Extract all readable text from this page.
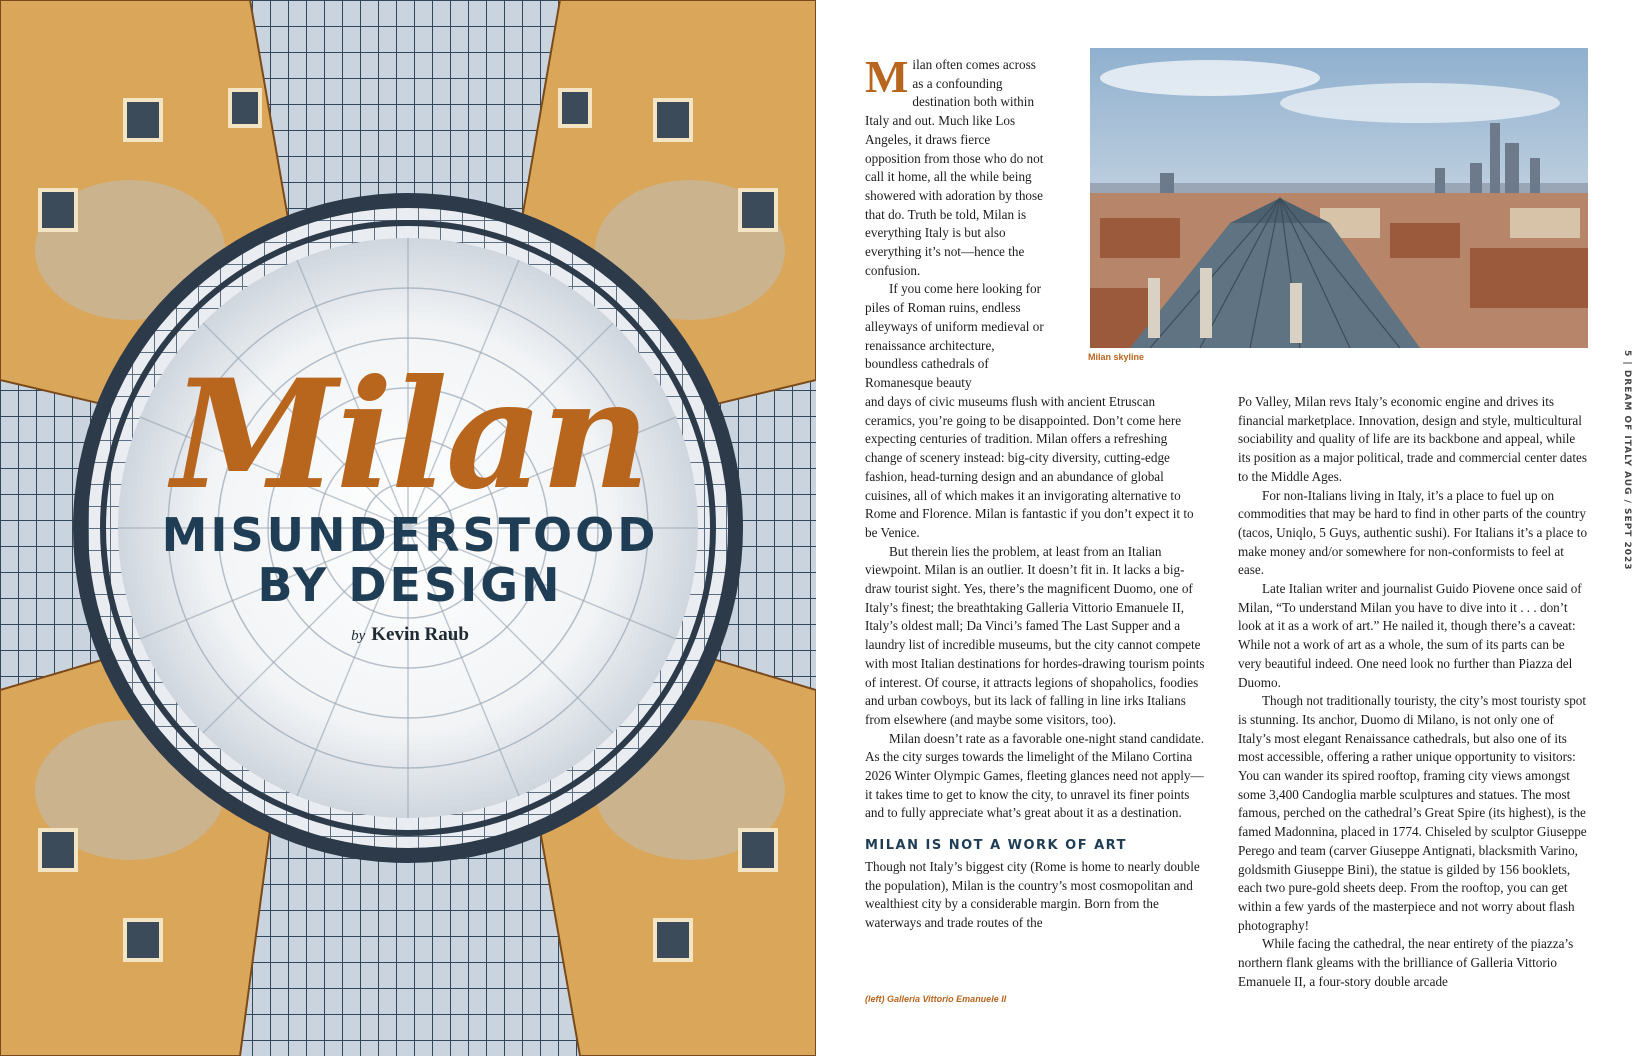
Milan
MISUNDERSTOOD
BY DESIGN
by Kevin Raub
M ilan often comes across as a confounding destination both within Italy and out. Much like Los Angeles, it draws fierce opposition from those who do not call it home, all the while being showered with adoration by those that do. Truth be told, Milan is everything Italy is but also everything it’s not—hence the confusion.

If you come here looking for piles of Roman ruins, endless alleyways of uniform medieval or renaissance architecture, boundless cathedrals of Romanesque beauty

Milan skyline

and days of civic museums flush with ancient Etruscan ceramics, you’re going to be disappointed. Don’t come here expecting centuries of tradition. Milan offers a refreshing change of scenery instead: big-city diversity, cutting-edge fashion, head-turning design and an abundance of global cuisines, all of which makes it an invigorating alternative to Rome and Florence. Milan is fantastic if you don’t expect it to be Venice.

But therein lies the problem, at least from an Italian viewpoint. Milan is an outlier. It doesn’t fit in. It lacks a big-draw tourist sight. Yes, there’s the magnificent Duomo, one of Italy’s finest; the breathtaking Galleria Vittorio Emanuele II, Italy’s oldest mall; Da Vinci’s famed The Last Supper and a laundry list of incredible museums, but the city cannot compete with most Italian destinations for hordes-drawing tourism points of interest. Of course, it attracts legions of shopaholics, foodies and urban cowboys, but its lack of falling in line irks Italians from elsewhere (and maybe some visitors, too).

Milan doesn’t rate as a favorable one-night stand candidate. As the city surges towards the limelight of the Milano Cortina 2026 Winter Olympic Games, fleeting glances need not apply—it takes time to get to know the city, to unravel its finer points and to fully appreciate what’s great about it as a destination.

MILAN IS NOT A WORK OF ART

Though not Italy’s biggest city (Rome is home to nearly double the population), Milan is the country’s most cosmopolitan and wealthiest city by a considerable margin. Born from the waterways and trade routes of the

Po Valley, Milan revs Italy’s economic engine and drives its financial marketplace. Innovation, design and style, multicultural sociability and quality of life are its backbone and appeal, while its position as a major political, trade and commercial center dates to the Middle Ages.

For non-Italians living in Italy, it’s a place to fuel up on commodities that may be hard to find in other parts of the country (tacos, Uniqlo, 5 Guys, authentic sushi). For Italians it’s a place to make money and/or somewhere for non-conformists to feel at ease.

Late Italian writer and journalist Guido Piovene once said of Milan, “To understand Milan you have to dive into it . . . don’t look at it as a work of art.” He nailed it, though there’s a caveat: While not a work of art as a whole, the sum of its parts can be very beautiful indeed. One need look no further than Piazza del Duomo.

Though not traditionally touristy, the city’s most touristy spot is stunning. Its anchor, Duomo di Milano, is not only one of Italy’s most elegant Renaissance cathedrals, but also one of its most accessible, offering a rather unique opportunity to visitors: You can wander its spired rooftop, framing city views amongst some 3,400 Candoglia marble sculptures and statues. The most famous, perched on the cathedral’s Great Spire (its highest), is the famed Madonnina, placed in 1774. Chiseled by sculptor Giuseppe Perego and team (carver Giuseppe Antignati, blacksmith Varino, goldsmith Giuseppe Bini), the statue is gilded by 156 booklets, each two pure-gold sheets deep. From the rooftop, you can get within a few yards of the masterpiece and not worry about flash photography!

While facing the cathedral, the near entirety of the piazza’s northern flank gleams with the brilliance of Galleria Vittorio Emanuele II, a four-story double arcade

(left) Galleria Vittorio Emanuele II
5 | DREAM OF ITALY AUG / SEPT 2023
